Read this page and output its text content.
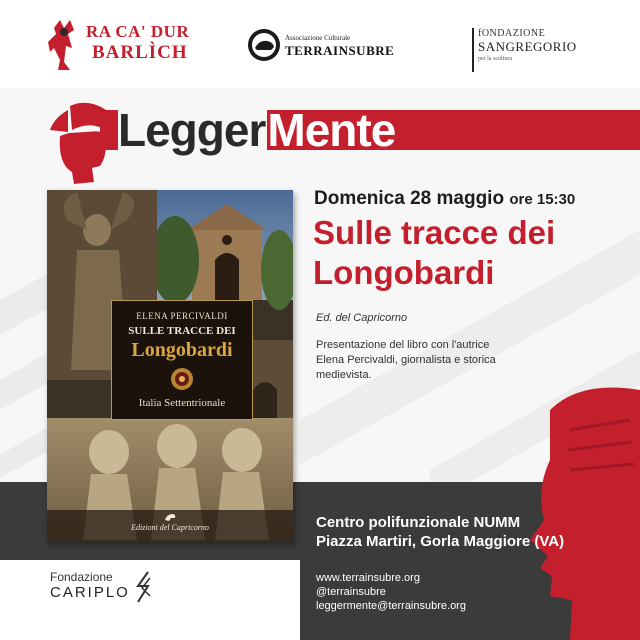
RA CA' DUR
BARLÌCH
Associazione Culturale
TERRAINSUBRE
fONDAZIONE
SANGREGORIO
per la scultura
LeggerMente
ELENA PERCIVALDI
SULLE TRACCE DEI
Longobardi
Italia Settentrionale
Edizioni del Capricorno
Domenica 28 maggio ore 15:30
Sulle tracce dei
Longobardi
Ed. del Capricorno
Presentazione del libro con l'autrice
Elena Percivaldi, giornalista e storica
medievista.
Centro polifunzionale NUMM
Piazza Martiri, Gorla Maggiore (VA)
www.terrainsubre.org
@terrainsubre
leggermente@terrainsubre.org
Fondazione
CARIPLO
